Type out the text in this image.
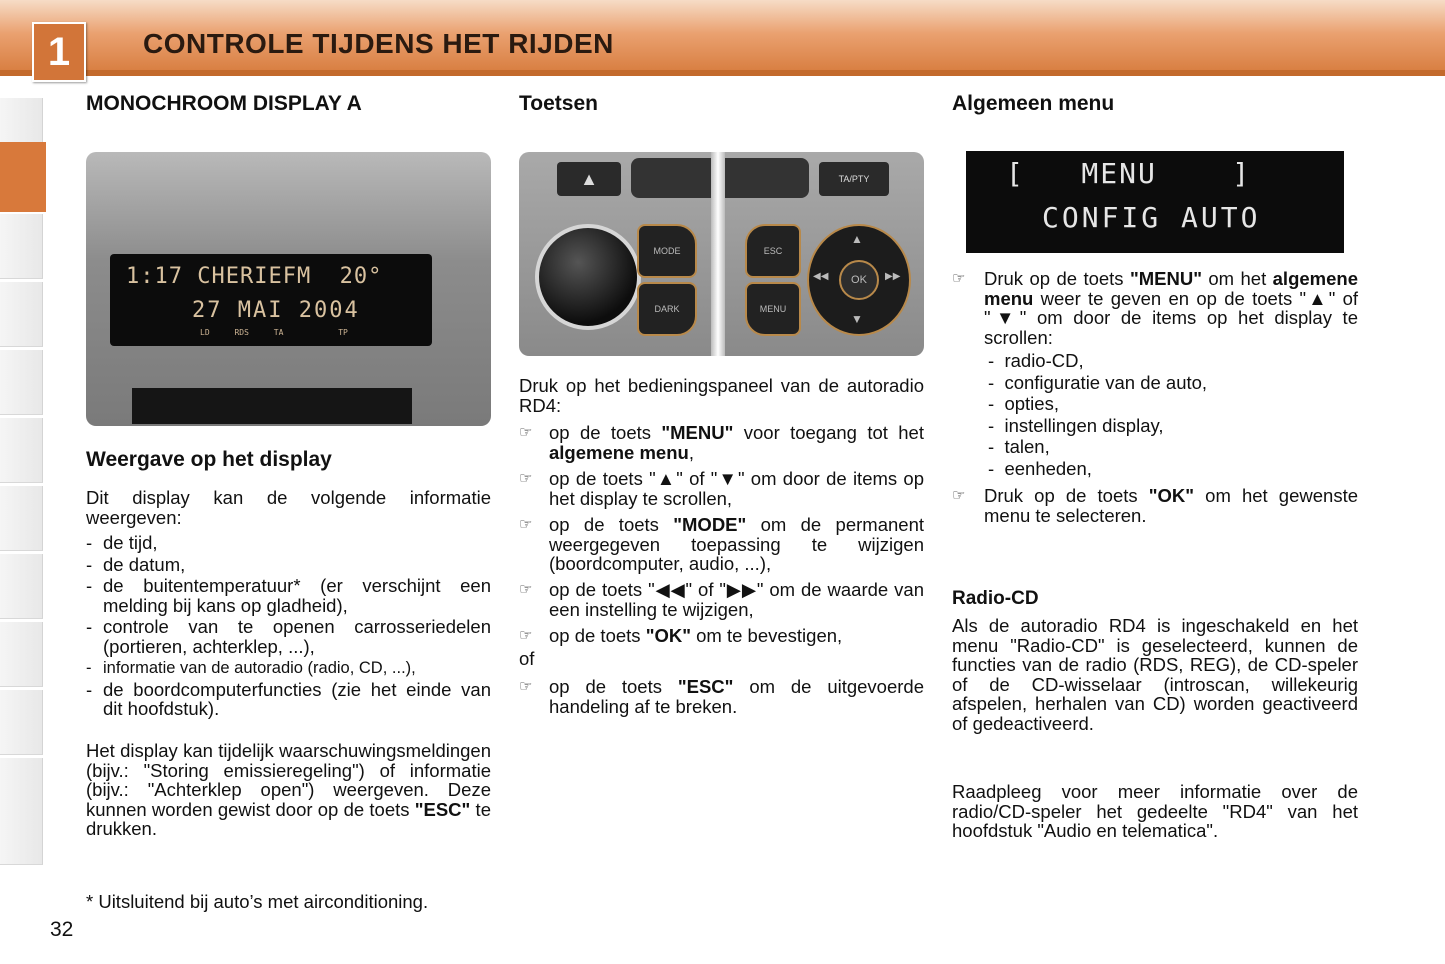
1	CONTROLE TIJDENS HET RIJDEN
MONOCHROOM DISPLAY A
1:17 CHERIEFM  20°
27 MAI 2004
LD	RDS	TA	TP
Weergave op het display
Dit display kan de volgende informatie weergeven:
- de tijd,
- de datum,
- de buitentemperatuur* (er verschijnt een melding bij kans op gladheid),
- controle van te openen carrosseriedelen (portieren, achterklep, ...),
- informatie van de autoradio (radio, CD, ...),
- de boordcomputerfuncties (zie het einde van dit hoofdstuk).
Het display kan tijdelijk waarschuwingsmeldingen (bijv.: "Storing emissieregeling") of informatie (bijv.: "Achterklep open") weergeven. Deze kunnen worden gewist door op de toets "ESC" te drukken.
Toetsen
▲	TA/PTY
MODE
DARK
ESC
MENU
▲
▼
◀◀	▶▶
OK
Druk op het bedieningspaneel van de autoradio RD4:
☞ op de toets "MENU" voor toegang tot het algemene menu,
☞ op de toets "▲" of "▼" om door de items op het display te scrollen,
☞ op de toets "MODE" om de permanent weergegeven toepassing te wijzigen (boordcomputer, audio, ...),
☞ op de toets "◀◀" of "▶▶" om de waarde van een instelling te wijzigen,
☞ op de toets "OK" om te bevestigen,
of
☞ op de toets "ESC" om de uitgevoerde handeling af te breken.
Algemeen menu
[   MENU    ]
CONFIG AUTO
☞ Druk op de toets "MENU" om het algemene menu weer te geven en op de toets "▲" of "▼" om door de items op het display te scrollen:
-  radio-CD,
-  configuratie van de auto,
-  opties,
-  instellingen display,
-  talen,
-  eenheden,
☞ Druk op de toets "OK" om het gewenste menu te selecteren.
Radio-CD
Als de autoradio RD4 is ingeschakeld en het menu "Radio-CD" is geselecteerd, kunnen de functies van de radio (RDS, REG), de CD-speler of de CD-wisselaar (introscan, willekeurig afspelen, herhalen van CD) worden geactiveerd of gedeactiveerd.
Raadpleeg voor meer informatie over de radio/CD-speler het gedeelte "RD4" van het hoofdstuk "Audio en telematica".
* Uitsluitend bij auto’s met airconditioning.
32
